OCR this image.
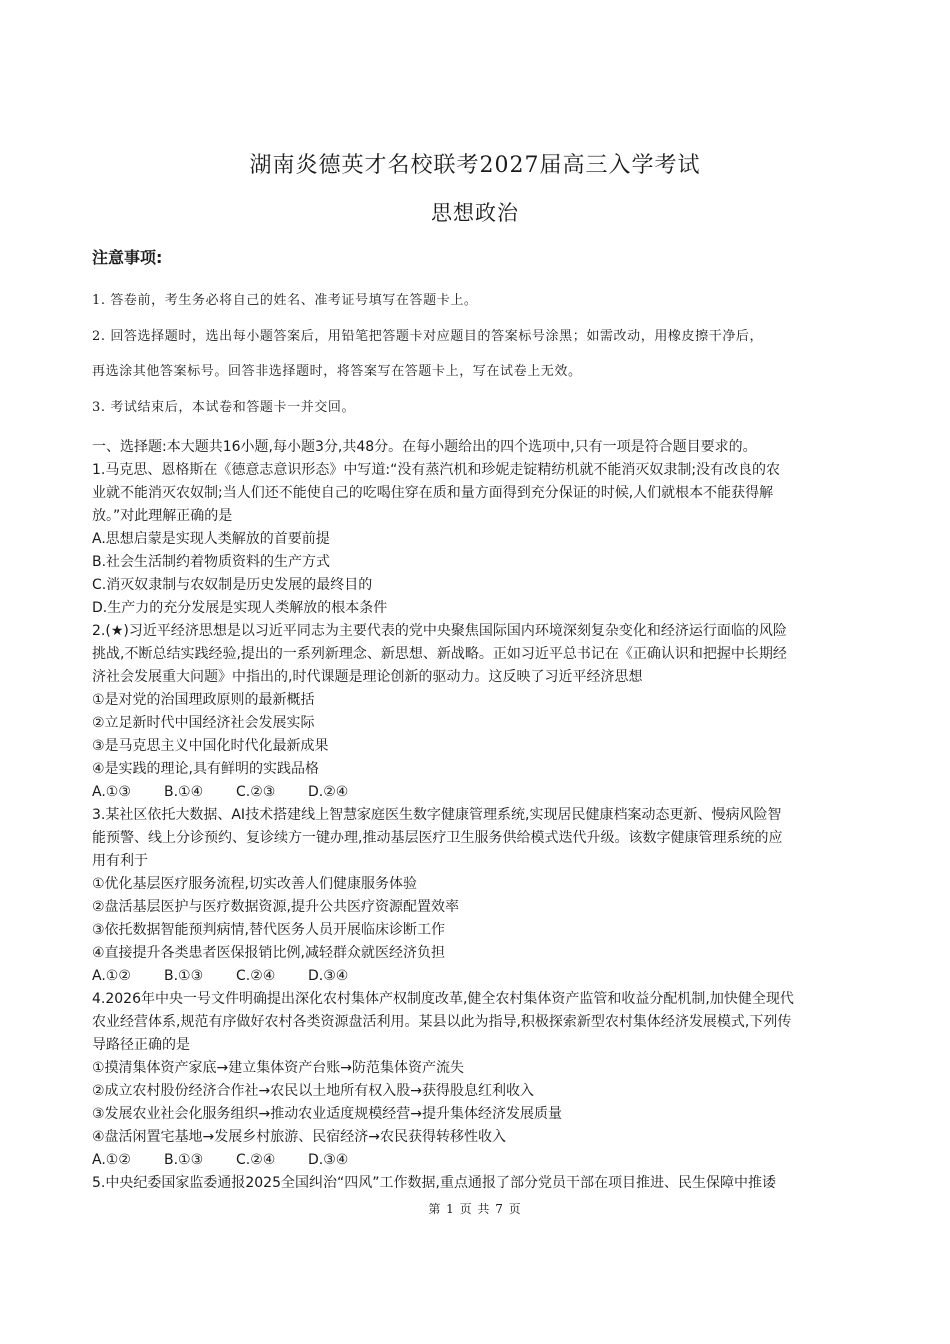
湖南炎德英才名校联考2027届高三入学考试
思想政治
注意事项:
1. 答卷前，考生务必将自己的姓名、准考证号填写在答题卡上。
2. 回答选择题时，选出每小题答案后，用铅笔把答题卡对应题目的答案标号涂黑；如需改动，用橡皮擦干净后，
再选涂其他答案标号。回答非选择题时，将答案写在答题卡上，写在试卷上无效。
3. 考试结束后，本试卷和答题卡一并交回。
一、选择题:本大题共16小题,每小题3分,共48分。在每小题给出的四个选项中,只有一项是符合题目要求的。
1.马克思、恩格斯在《德意志意识形态》中写道:“没有蒸汽机和珍妮走锭精纺机就不能消灭奴隶制;没有改良的农
业就不能消灭农奴制;当人们还不能使自己的吃喝住穿在质和量方面得到充分保证的时候,人们就根本不能获得解
放。”对此理解正确的是
A.思想启蒙是实现人类解放的首要前提
B.社会生活制约着物质资料的生产方式
C.消灭奴隶制与农奴制是历史发展的最终目的
D.生产力的充分发展是实现人类解放的根本条件
2.(★)习近平经济思想是以习近平同志为主要代表的党中央聚焦国际国内环境深刻复杂变化和经济运行面临的风险
挑战,不断总结实践经验,提出的一系列新理念、新思想、新战略。正如习近平总书记在《正确认识和把握中长期经
济社会发展重大问题》中指出的,时代课题是理论创新的驱动力。这反映了习近平经济思想
①是对党的治国理政原则的最新概括
②立足新时代中国经济社会发展实际
③是马克思主义中国化时代化最新成果
④是实践的理论,具有鲜明的实践品格
A.①③ B.①④ C.②③ D.②④
3.某社区依托大数据、AI技术搭建线上智慧家庭医生数字健康管理系统,实现居民健康档案动态更新、慢病风险智
能预警、线上分诊预约、复诊续方一键办理,推动基层医疗卫生服务供给模式迭代升级。该数字健康管理系统的应
用有利于
①优化基层医疗服务流程,切实改善人们健康服务体验
②盘活基层医护与医疗数据资源,提升公共医疗资源配置效率
③依托数据智能预判病情,替代医务人员开展临床诊断工作
④直接提升各类患者医保报销比例,减轻群众就医经济负担
A.①② B.①③ C.②④ D.③④
4.2026年中央一号文件明确提出深化农村集体产权制度改革,健全农村集体资产监管和收益分配机制,加快健全现代
农业经营体系,规范有序做好农村各类资源盘活利用。某县以此为指导,积极探索新型农村集体经济发展模式,下列传
导路径正确的是
①摸清集体资产家底→建立集体资产台账→防范集体资产流失
②成立农村股份经济合作社→农民以土地所有权入股→获得股息红利收入
③发展农业社会化服务组织→推动农业适度规模经营→提升集体经济发展质量
④盘活闲置宅基地→发展乡村旅游、民宿经济→农民获得转移性收入
A.①② B.①③ C.②④ D.③④
5.中央纪委国家监委通报2025全国纠治“四风”工作数据,重点通报了部分党员干部在项目推进、民生保障中推诿
第 1 页 共 7 页
